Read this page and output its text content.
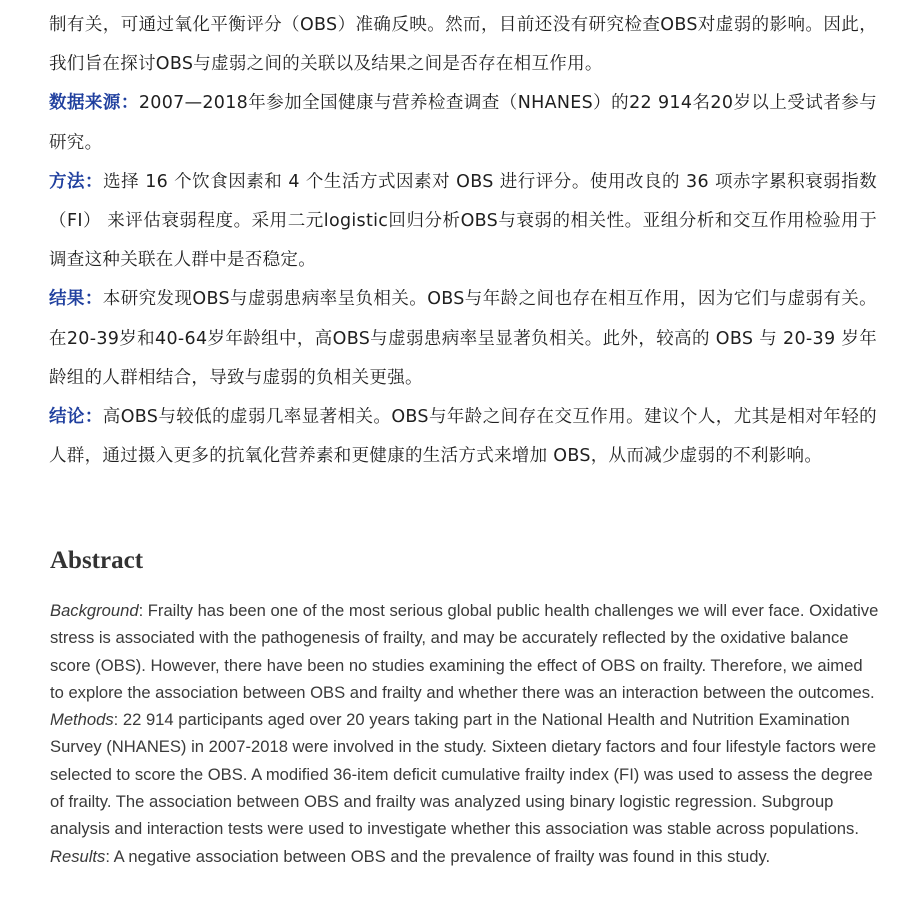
制有关，可通过氧化平衡评分（OBS）准确反映。然而，目前还没有研究检查OBS对虚弱的影响。因此，我们旨在探讨OBS与虚弱之间的关联以及结果之间是否存在相互作用。

数据来源：2007—2018年参加全国健康与营养检查调查（NHANES）的22 914名20岁以上受试者参与研究。

方法：选择 16 个饮食因素和 4 个生活方式因素对 OBS 进行评分。使用改良的 36 项赤字累积衰弱指数 （FI） 来评估衰弱程度。采用二元logistic回归分析OBS与衰弱的相关性。亚组分析和交互作用检验用于调查这种关联在人群中是否稳定。

结果：本研究发现OBS与虚弱患病率呈负相关。OBS与年龄之间也存在相互作用，因为它们与虚弱有关。在20-39岁和40-64岁年龄组中，高OBS与虚弱患病率呈显著负相关。此外，较高的 OBS 与 20-39 岁年龄组的人群相结合，导致与虚弱的负相关更强。

结论：高OBS与较低的虚弱几率显著相关。OBS与年龄之间存在交互作用。建议个人，尤其是相对年轻的人群，通过摄入更多的抗氧化营养素和更健康的生活方式来增加 OBS，从而减少虚弱的不利影响。

Abstract

Background: Frailty has been one of the most serious global public health challenges we will ever face. Oxidative stress is associated with the pathogenesis of frailty, and may be accurately reflected by the oxidative balance score (OBS). However, there have been no studies examining the effect of OBS on frailty. Therefore, we aimed to explore the association between OBS and frailty and whether there was an interaction between the outcomes. Methods: 22 914 participants aged over 20 years taking part in the National Health and Nutrition Examination Survey (NHANES) in 2007-2018 were involved in the study. Sixteen dietary factors and four lifestyle factors were selected to score the OBS. A modified 36-item deficit cumulative frailty index (FI) was used to assess the degree of frailty. The association between OBS and frailty was analyzed using binary logistic regression. Subgroup analysis and interaction tests were used to investigate whether this association was stable across populations. Results: A negative association between OBS and the prevalence of frailty was found in this study.
